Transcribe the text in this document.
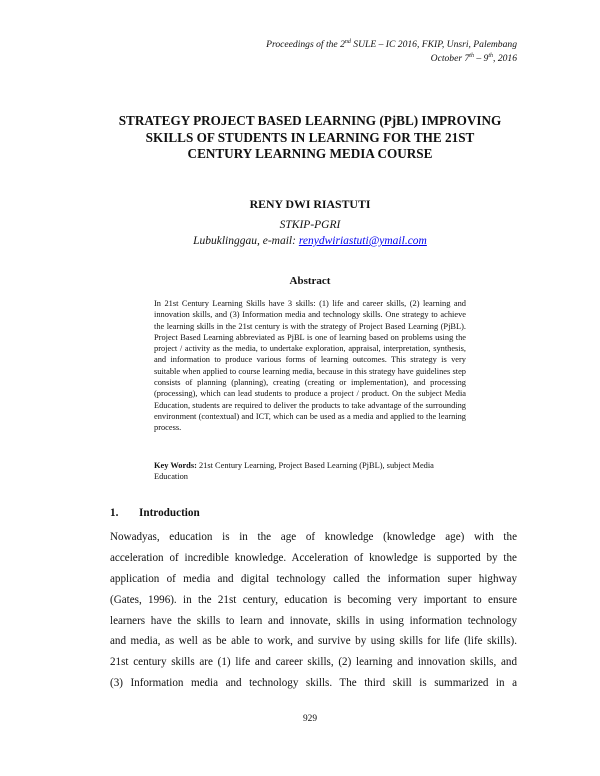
Proceedings of the 2nd SULE – IC 2016, FKIP, Unsri, Palembang
October 7th – 9th, 2016
STRATEGY PROJECT BASED LEARNING (PjBL) IMPROVING
SKILLS OF STUDENTS IN LEARNING FOR THE 21ST
CENTURY LEARNING MEDIA COURSE
RENY DWI RIASTUTI
STKIP-PGRI
Lubuklinggau, e-mail: renydwiriastuti@ymail.com
Abstract
In 21st Century Learning Skills have 3 skills: (1) life and career skills, (2) learning and innovation skills, and (3) Information media and technology skills. One strategy to achieve the learning skills in the 21st century is with the strategy of Project Based Learning (PjBL). Project Based Learning abbreviated as PjBL is one of learning based on problems using the project / activity as the media, to undertake exploration, appraisal, interpretation, synthesis, and information to produce various forms of learning outcomes. This strategy is very suitable when applied to course learning media, because in this strategy have guidelines step consists of planning (planning), creating (creating or implementation), and processing (processing), which can lead students to produce a project / product. On the subject Media Education, students are required to deliver the products to take advantage of the surrounding environment (contextual) and ICT, which can be used as a media and applied to the learning process.
Key Words: 21st Century Learning, Project Based Learning (PjBL), subject Media Education
1. Introduction
Nowadyas, education is in the age of knowledge (knowledge age) with the
acceleration of incredible knowledge. Acceleration of knowledge is supported by the
application of media and digital technology called the information super highway
(Gates, 1996). in the 21st century, education is becoming very important to ensure
learners have the skills to learn and innovate, skills in using information technology
and media, as well as be able to work, and survive by using skills for life (life skills).
21st century skills are (1) life and career skills, (2) learning and innovation skills, and
(3) Information media and technology skills. The third skill is summarized in a
929
